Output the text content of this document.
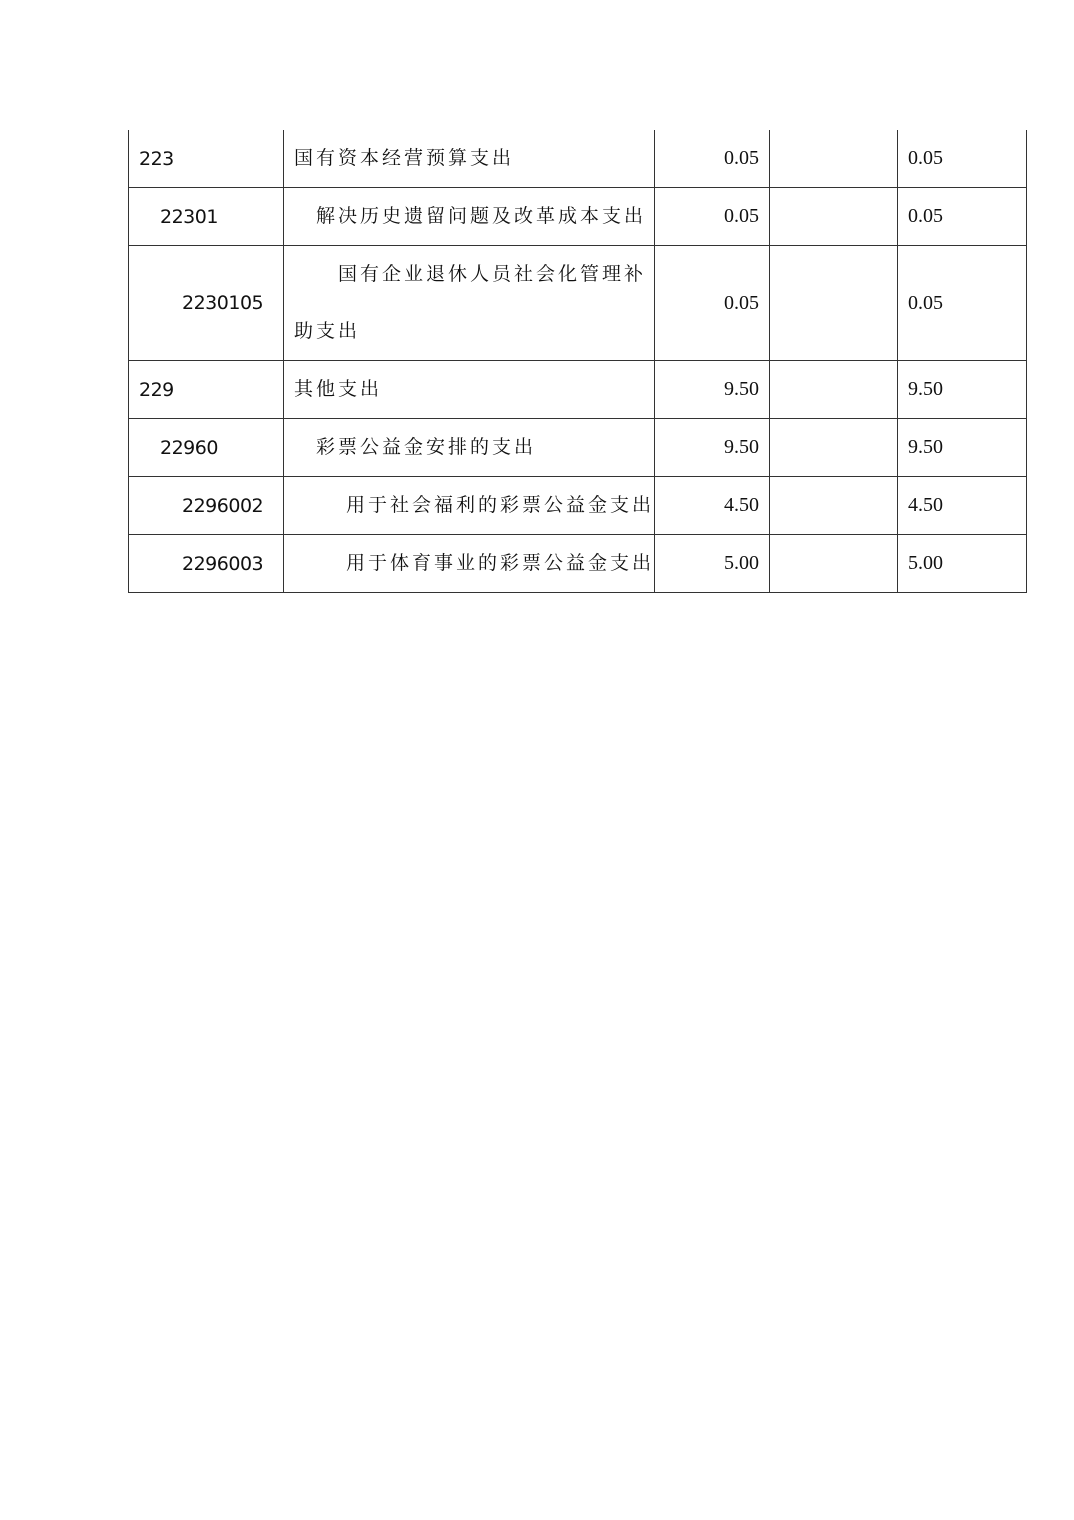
223	国有资本经营预算支出	0.05		0.05
22301	解决历史遗留问题及改革成本支出	0.05		0.05
2230105	国有企业退休人员社会化管理补助支出	0.05		0.05
229	其他支出	9.50		9.50
22960	彩票公益金安排的支出	9.50		9.50
2296002	用于社会福利的彩票公益金支出	4.50		4.50
2296003	用于体育事业的彩票公益金支出	5.00		5.00
